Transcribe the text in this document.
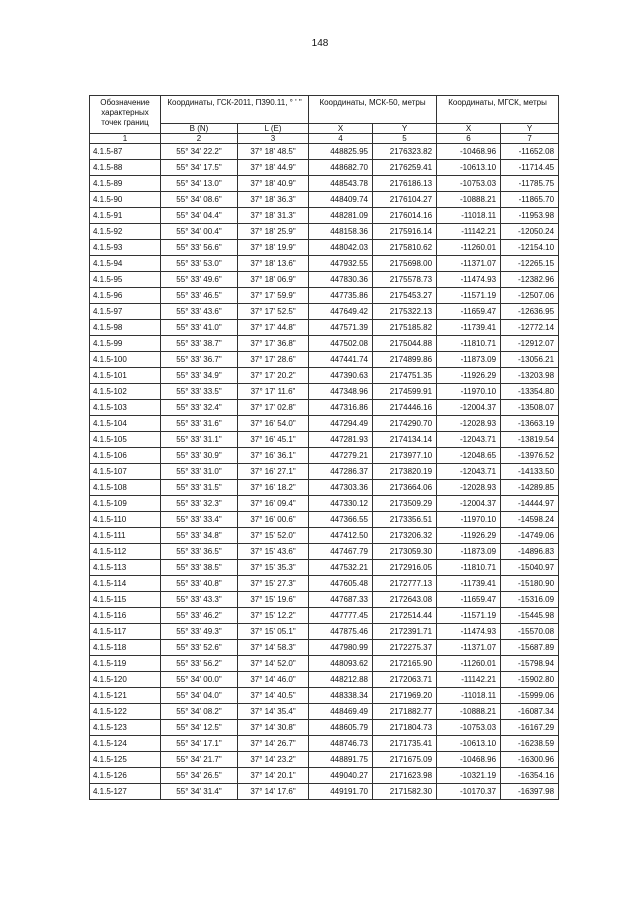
148
Обозначение характерных точек границ	Координаты, ГСК-2011, П390.11, ° ' "		Координаты, МСК-50, метры		Координаты, МГСК, метры	
	B (N)	L (E)	X	Y	X	Y
1	2	3	4	5	6	7
4.1.5-87	55° 34' 22.2"	37° 18' 48.5"	448825.95	2176323.82	-10468.96	-11652.08
4.1.5-88	55° 34' 17.5"	37° 18' 44.9"	448682.70	2176259.41	-10613.10	-11714.45
4.1.5-89	55° 34' 13.0"	37° 18' 40.9"	448543.78	2176186.13	-10753.03	-11785.75
4.1.5-90	55° 34' 08.6"	37° 18' 36.3"	448409.74	2176104.27	-10888.21	-11865.70
4.1.5-91	55° 34' 04.4"	37° 18' 31.3"	448281.09	2176014.16	-11018.11	-11953.98
4.1.5-92	55° 34' 00.4"	37° 18' 25.9"	448158.36	2175916.14	-11142.21	-12050.24
4.1.5-93	55° 33' 56.6"	37° 18' 19.9"	448042.03	2175810.62	-11260.01	-12154.10
4.1.5-94	55° 33' 53.0"	37° 18' 13.6"	447932.55	2175698.00	-11371.07	-12265.15
4.1.5-95	55° 33' 49.6"	37° 18' 06.9"	447830.36	2175578.73	-11474.93	-12382.96
4.1.5-96	55° 33' 46.5"	37° 17' 59.9"	447735.86	2175453.27	-11571.19	-12507.06
4.1.5-97	55° 33' 43.6"	37° 17' 52.5"	447649.42	2175322.13	-11659.47	-12636.95
4.1.5-98	55° 33' 41.0"	37° 17' 44.8"	447571.39	2175185.82	-11739.41	-12772.14
4.1.5-99	55° 33' 38.7"	37° 17' 36.8"	447502.08	2175044.88	-11810.71	-12912.07
4.1.5-100	55° 33' 36.7"	37° 17' 28.6"	447441.74	2174899.86	-11873.09	-13056.21
4.1.5-101	55° 33' 34.9"	37° 17' 20.2"	447390.63	2174751.35	-11926.29	-13203.98
4.1.5-102	55° 33' 33.5"	37° 17' 11.6"	447348.96	2174599.91	-11970.10	-13354.80
4.1.5-103	55° 33' 32.4"	37° 17' 02.8"	447316.86	2174446.16	-12004.37	-13508.07
4.1.5-104	55° 33' 31.6"	37° 16' 54.0"	447294.49	2174290.70	-12028.93	-13663.19
4.1.5-105	55° 33' 31.1"	37° 16' 45.1"	447281.93	2174134.14	-12043.71	-13819.54
4.1.5-106	55° 33' 30.9"	37° 16' 36.1"	447279.21	2173977.10	-12048.65	-13976.52
4.1.5-107	55° 33' 31.0"	37° 16' 27.1"	447286.37	2173820.19	-12043.71	-14133.50
4.1.5-108	55° 33' 31.5"	37° 16' 18.2"	447303.36	2173664.06	-12028.93	-14289.85
4.1.5-109	55° 33' 32.3"	37° 16' 09.4"	447330.12	2173509.29	-12004.37	-14444.97
4.1.5-110	55° 33' 33.4"	37° 16' 00.6"	447366.55	2173356.51	-11970.10	-14598.24
4.1.5-111	55° 33' 34.8"	37° 15' 52.0"	447412.50	2173206.32	-11926.29	-14749.06
4.1.5-112	55° 33' 36.5"	37° 15' 43.6"	447467.79	2173059.30	-11873.09	-14896.83
4.1.5-113	55° 33' 38.5"	37° 15' 35.3"	447532.21	2172916.05	-11810.71	-15040.97
4.1.5-114	55° 33' 40.8"	37° 15' 27.3"	447605.48	2172777.13	-11739.41	-15180.90
4.1.5-115	55° 33' 43.3"	37° 15' 19.6"	447687.33	2172643.08	-11659.47	-15316.09
4.1.5-116	55° 33' 46.2"	37° 15' 12.2"	447777.45	2172514.44	-11571.19	-15445.98
4.1.5-117	55° 33' 49.3"	37° 15' 05.1"	447875.46	2172391.71	-11474.93	-15570.08
4.1.5-118	55° 33' 52.6"	37° 14' 58.3"	447980.99	2172275.37	-11371.07	-15687.89
4.1.5-119	55° 33' 56.2"	37° 14' 52.0"	448093.62	2172165.90	-11260.01	-15798.94
4.1.5-120	55° 34' 00.0"	37° 14' 46.0"	448212.88	2172063.71	-11142.21	-15902.80
4.1.5-121	55° 34' 04.0"	37° 14' 40.5"	448338.34	2171969.20	-11018.11	-15999.06
4.1.5-122	55° 34' 08.2"	37° 14' 35.4"	448469.49	2171882.77	-10888.21	-16087.34
4.1.5-123	55° 34' 12.5"	37° 14' 30.8"	448605.79	2171804.73	-10753.03	-16167.29
4.1.5-124	55° 34' 17.1"	37° 14' 26.7"	448746.73	2171735.41	-10613.10	-16238.59
4.1.5-125	55° 34' 21.7"	37° 14' 23.2"	448891.75	2171675.09	-10468.96	-16300.96
4.1.5-126	55° 34' 26.5"	37° 14' 20.1"	449040.27	2171623.98	-10321.19	-16354.16
4.1.5-127	55° 34' 31.4"	37° 14' 17.6"	449191.70	2171582.30	-10170.37	-16397.98
